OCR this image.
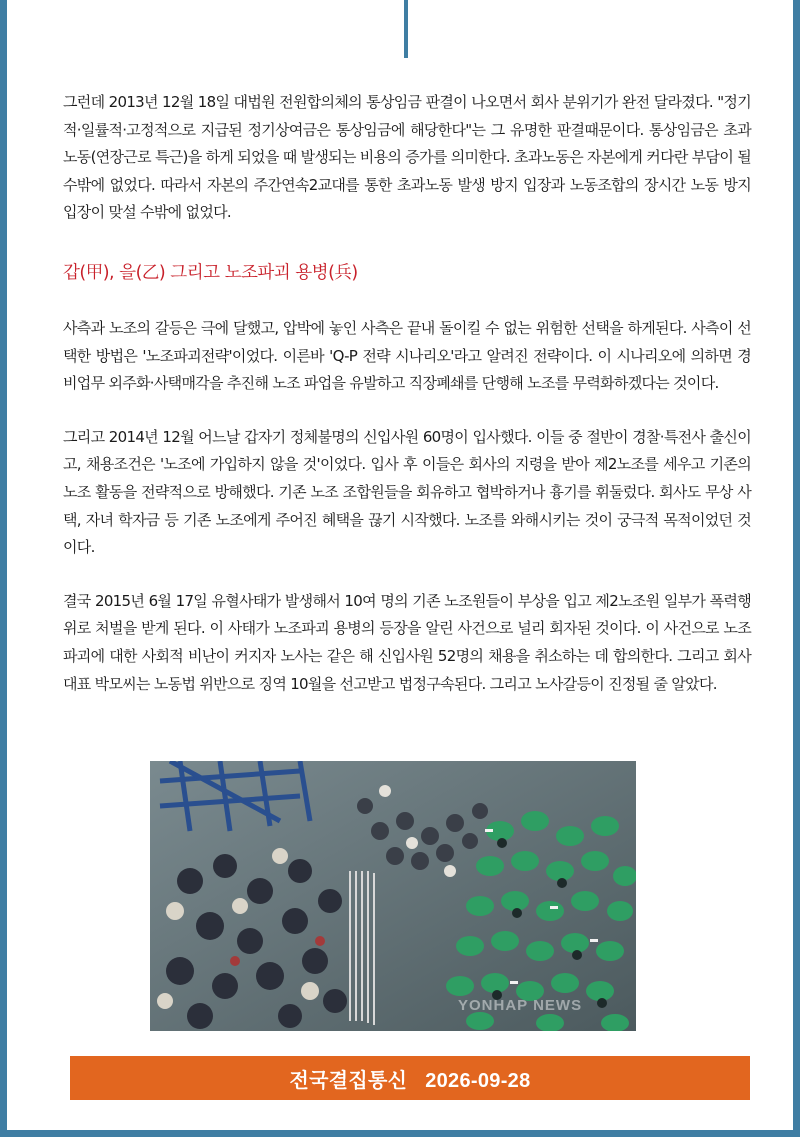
그런데 2013년 12월 18일 대법원 전원합의체의 통상임금 판결이 나오면서 회사 분위기가 완전 달라졌다. "정기적·일률적·고정적으로 지급된 정기상여금은 통상임금에 해당한다"는 그 유명한 판결때문이다. 통상임금은 초과노동(연장근로 특근)을 하게 되었을 때 발생되는 비용의 증가를 의미한다. 초과노동은 자본에게 커다란 부담이 될 수밖에 없었다. 따라서 자본의 주간연속2교대를 통한 초과노동 발생 방지 입장과 노동조합의 장시간 노동 방지 입장이 맞설 수밖에 없었다.

갑(甲), 을(乙) 그리고 노조파괴 용병(兵)

사측과 노조의 갈등은 극에 달했고, 압박에 놓인 사측은 끝내 돌이킬 수 없는 위험한 선택을 하게된다. 사측이 선택한 방법은 '노조파괴전략'이었다. 이른바 'Q-P 전략 시나리오'라고 알려진 전략이다. 이 시나리오에 의하면 경비업무 외주화·사택매각을 추진해 노조 파업을 유발하고 직장폐쇄를 단행해 노조를 무력화하겠다는 것이다.

그리고 2014년 12월 어느날 갑자기 정체불명의 신입사원 60명이 입사했다. 이들 중 절반이 경찰·특전사 출신이고, 채용조건은 '노조에 가입하지 않을 것'이었다. 입사 후 이들은 회사의 지령을 받아 제2노조를 세우고 기존의 노조 활동을 전략적으로 방해했다. 기존 노조 조합원들을 회유하고 협박하거나 흉기를 휘둘렀다. 회사도 무상 사택, 자녀 학자금 등 기존 노조에게 주어진 혜택을 끊기 시작했다. 노조를 와해시키는 것이 궁극적 목적이었던 것이다.

결국 2015년 6월 17일 유혈사태가 발생해서 10여 명의 기존 노조원들이 부상을 입고 제2노조원 일부가 폭력행위로 처벌을 받게 된다. 이 사태가 노조파괴 용병의 등장을 알린 사건으로 널리 회자된 것이다. 이 사건으로 노조파괴에 대한 사회적 비난이 커지자 노사는 같은 해 신입사원 52명의 채용을 취소하는 데 합의한다. 그리고 회사 대표 박모씨는 노동법 위반으로 징역 10월을 선고받고 법정구속된다. 그리고 노사갈등이 진정될 줄 알았다.

YONHAP NEWS
전국결집통신 2026-09-28
